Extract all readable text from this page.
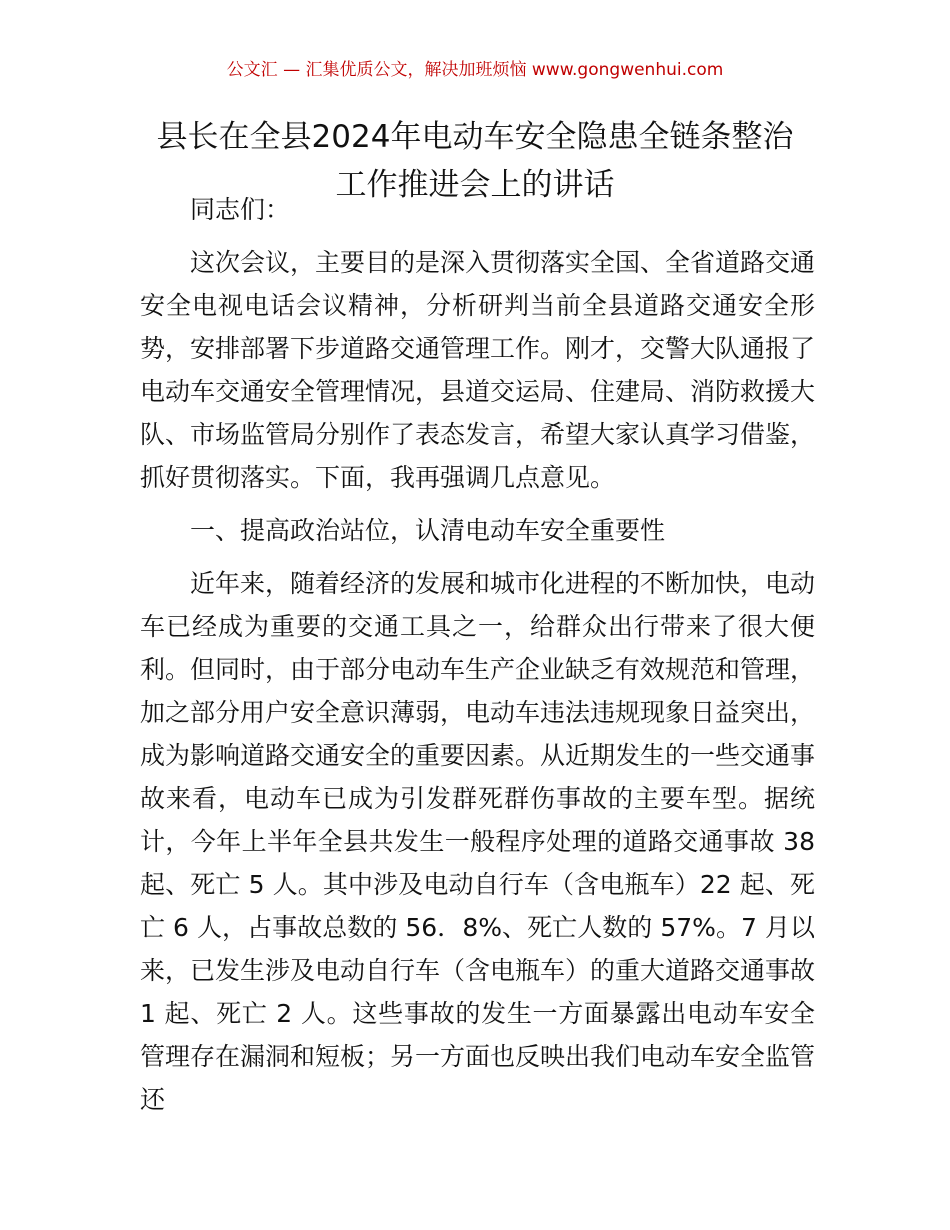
公文汇 — 汇集优质公文，解决加班烦恼 www.gongwenhui.com
县长在全县2024年电动车安全隐患全链条整治
工作推进会上的讲话

同志们：

这次会议，主要目的是深入贯彻落实全国、全省道路交通安全电视电话会议精神，分析研判当前全县道路交通安全形势，安排部署下步道路交通管理工作。刚才，交警大队通报了电动车交通安全管理情况，县道交运局、住建局、消防救援大队、市场监管局分别作了表态发言，希望大家认真学习借鉴，抓好贯彻落实。下面，我再强调几点意见。

一、提高政治站位，认清电动车安全重要性

近年来，随着经济的发展和城市化进程的不断加快，电动车已经成为重要的交通工具之一，给群众出行带来了很大便利。但同时，由于部分电动车生产企业缺乏有效规范和管理，加之部分用户安全意识薄弱，电动车违法违规现象日益突出，成为影响道路交通安全的重要因素。从近期发生的一些交通事故来看，电动车已成为引发群死群伤事故的主要车型。据统计，今年上半年全县共发生一般程序处理的道路交通事故 38 起、死亡 5 人。其中涉及电动自行车（含电瓶车）22 起、死亡 6 人，占事故总数的 56．8%、死亡人数的 57%。7 月以来，已发生涉及电动自行车（含电瓶车）的重大道路交通事故 1 起、死亡 2 人。这些事故的发生一方面暴露出电动车安全管理存在漏洞和短板；另一方面也反映出我们电动车安全监管还
